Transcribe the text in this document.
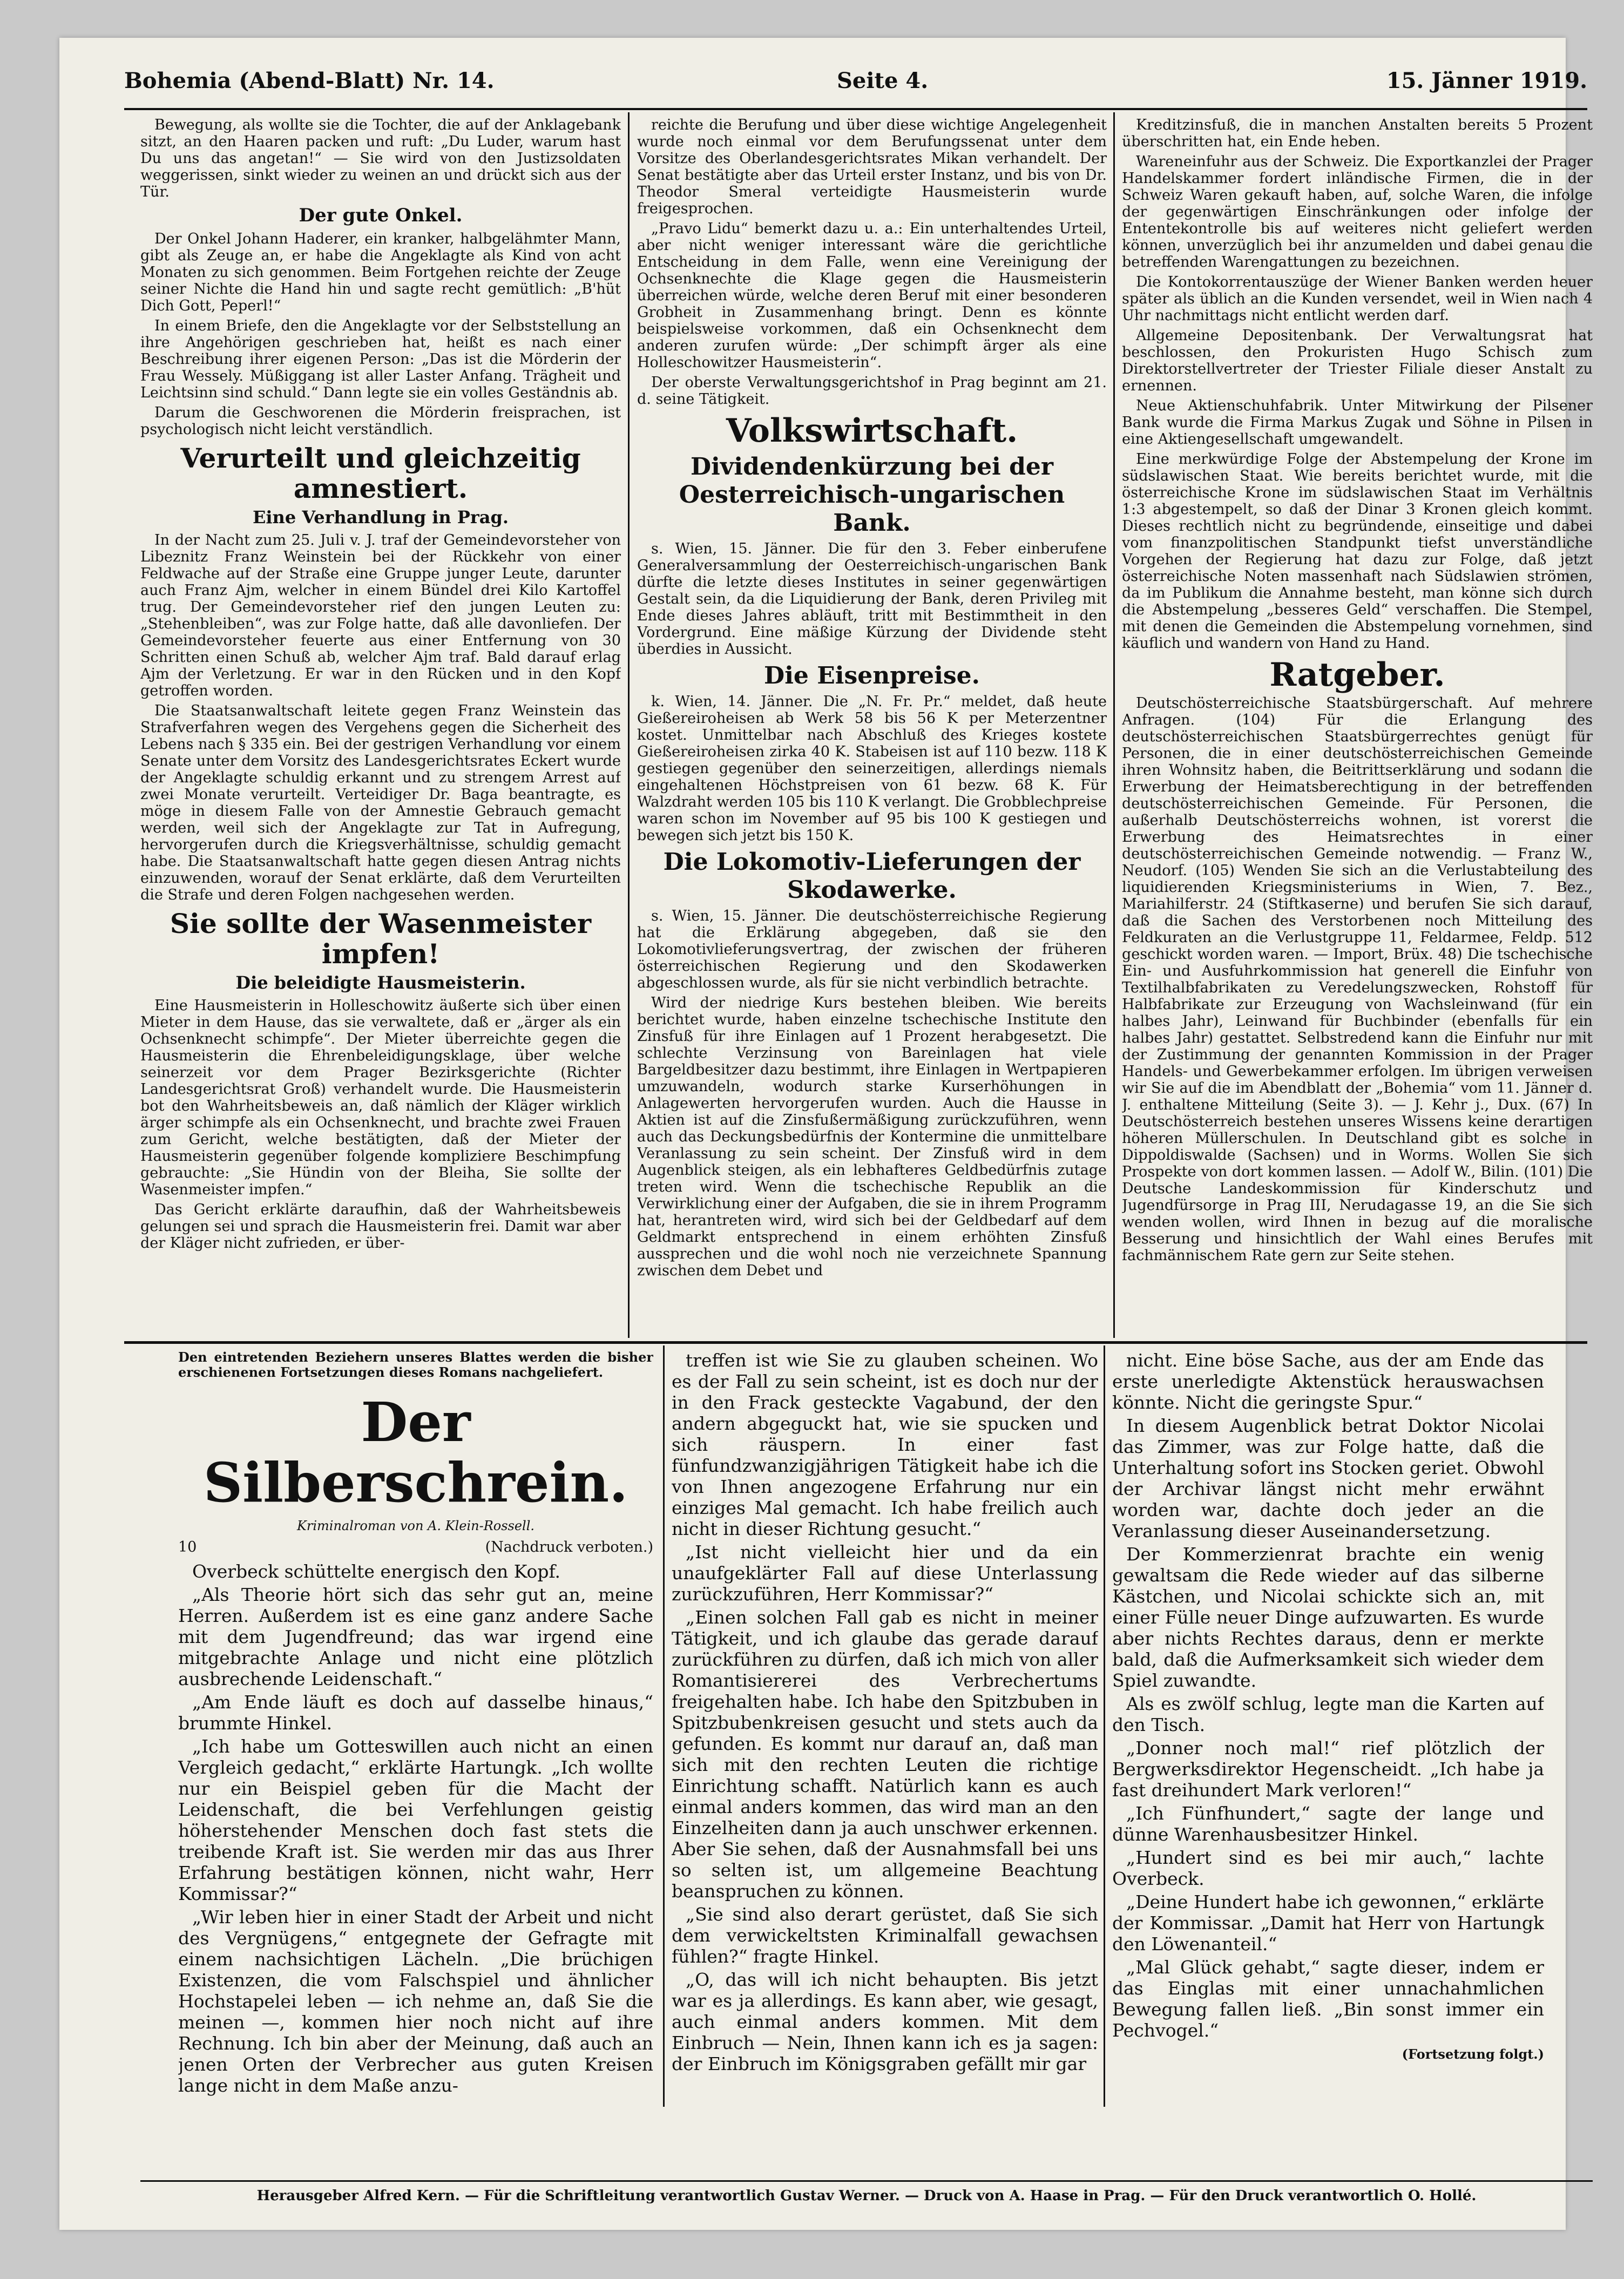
Bohemia (Abend-Blatt) Nr. 14.	Seite 4.	15. Jänner 1919.

Bewegung, als wollte sie die Tochter, die auf der Anklagebank sitzt, an den Haaren packen und ruft: „Du Luder, warum hast Du uns das angetan!“ — Sie wird von den Justizsoldaten weggerissen, sinkt wieder zu weinen an und drückt sich aus der Tür.

Der gute Onkel.

Der Onkel Johann Haderer, ein kranker, halbgelähmter Mann, gibt als Zeuge an, er habe die Angeklagte als Kind von acht Monaten zu sich genommen. Beim Fortgehen reichte der Zeuge seiner Nichte die Hand hin und sagte recht gemütlich: „B'hüt Dich Gott, Peperl!“

In einem Briefe, den die Angeklagte vor der Selbststellung an ihre Angehörigen geschrieben hat, heißt es nach einer Beschreibung ihrer eigenen Person: „Das ist die Mörderin der Frau Wessely. Müßiggang ist aller Laster Anfang. Trägheit und Leichtsinn sind schuld.“ Dann legte sie ein volles Geständnis ab.

Darum die Geschworenen die Mörderin freisprachen, ist psychologisch nicht leicht verständlich.

Verurteilt und gleichzeitig amnestiert.
Eine Verhandlung in Prag.

In der Nacht zum 25. Juli v. J. traf der Gemeindevorsteher von Libeznitz Franz Weinstein bei der Rückkehr von einer Feldwache auf der Straße eine Gruppe junger Leute, darunter auch Franz Ajm, welcher in einem Bündel drei Kilo Kartoffel trug. Der Gemeindevorsteher rief den jungen Leuten zu: „Stehenbleiben“, was zur Folge hatte, daß alle davonliefen. Der Gemeindevorsteher feuerte aus einer Entfernung von 30 Schritten einen Schuß ab, welcher Ajm traf. Bald darauf erlag Ajm der Verletzung. Er war in den Rücken und in den Kopf getroffen worden.

Die Staatsanwaltschaft leitete gegen Franz Weinstein das Strafverfahren wegen des Vergehens gegen die Sicherheit des Lebens nach § 335 ein. Bei der gestrigen Verhandlung vor einem Senate unter dem Vorsitz des Landesgerichtsrates Eckert wurde der Angeklagte schuldig erkannt und zu strengem Arrest auf zwei Monate verurteilt. Verteidiger Dr. Baga beantragte, es möge in diesem Falle von der Amnestie Gebrauch gemacht werden, weil sich der Angeklagte zur Tat in Aufregung, hervorgerufen durch die Kriegsverhältnisse, schuldig gemacht habe. Die Staatsanwaltschaft hatte gegen diesen Antrag nichts einzuwenden, worauf der Senat erklärte, daß dem Verurteilten die Strafe und deren Folgen nachgesehen werden.

Sie sollte der Wasenmeister impfen!
Die beleidigte Hausmeisterin.

Eine Hausmeisterin in Holleschowitz äußerte sich über einen Mieter in dem Hause, das sie verwaltete, daß er „ärger als ein Ochsenknecht schimpfe“. Der Mieter überreichte gegen die Hausmeisterin die Ehrenbeleidigungsklage, über welche seinerzeit vor dem Prager Bezirksgerichte (Richter Landesgerichtsrat Groß) verhandelt wurde. Die Hausmeisterin bot den Wahrheitsbeweis an, daß nämlich der Kläger wirklich ärger schimpfe als ein Ochsenknecht, und brachte zwei Frauen zum Gericht, welche bestätigten, daß der Mieter der Hausmeisterin gegenüber folgende kompliziere Beschimpfung gebrauchte: „Sie Hündin von der Bleiha, Sie sollte der Wasenmeister impfen.“

Das Gericht erklärte daraufhin, daß der Wahrheitsbeweis gelungen sei und sprach die Hausmeisterin frei. Damit war aber der Kläger nicht zufrieden, er über-

reichte die Berufung und über diese wichtige Angelegenheit wurde noch einmal vor dem Berufungssenat unter dem Vorsitze des Oberlandesgerichtsrates Mikan verhandelt. Der Senat bestätigte aber das Urteil erster Instanz, und bis von Dr. Theodor Smeral verteidigte Hausmeisterin wurde freigesprochen.

„Pravo Lidu“ bemerkt dazu u. a.: Ein unterhaltendes Urteil, aber nicht weniger interessant wäre die gerichtliche Entscheidung in dem Falle, wenn eine Vereinigung der Ochsenknechte die Klage gegen die Hausmeisterin überreichen würde, welche deren Beruf mit einer besonderen Grobheit in Zusammenhang bringt. Denn es könnte beispielsweise vorkommen, daß ein Ochsenknecht dem anderen zurufen würde: „Der schimpft ärger als eine Holleschowitzer Hausmeisterin“.

Der oberste Verwaltungsgerichtshof in Prag beginnt am 21. d. seine Tätigkeit.

Volkswirtschaft.
Dividendenkürzung bei der Oesterreichisch-ungarischen Bank.

s. Wien, 15. Jänner. Die für den 3. Feber einberufene Generalversammlung der Oesterreichisch-ungarischen Bank dürfte die letzte dieses Institutes in seiner gegenwärtigen Gestalt sein, da die Liquidierung der Bank, deren Privileg mit Ende dieses Jahres abläuft, tritt mit Bestimmtheit in den Vordergrund. Eine mäßige Kürzung der Dividende steht überdies in Aussicht.

Die Eisenpreise.

k. Wien, 14. Jänner. Die „N. Fr. Pr.“ meldet, daß heute Gießereiroheisen ab Werk 58 bis 56 K per Meterzentner kostet. Unmittelbar nach Abschluß des Krieges kostete Gießereiroheisen zirka 40 K. Stabeisen ist auf 110 bezw. 118 K gestiegen gegenüber den seinerzeitigen, allerdings niemals eingehaltenen Höchstpreisen von 61 bezw. 68 K. Für Walzdraht werden 105 bis 110 K verlangt. Die Grobblechpreise waren schon im November auf 95 bis 100 K gestiegen und bewegen sich jetzt bis 150 K.

Die Lokomotiv-Lieferungen der Skodawerke.

s. Wien, 15. Jänner. Die deutschösterreichische Regierung hat die Erklärung abgegeben, daß sie den Lokomotivlieferungsvertrag, der zwischen der früheren österreichischen Regierung und den Skodawerken abgeschlossen wurde, als für sie nicht verbindlich betrachte.

Wird der niedrige Kurs bestehen bleiben. Wie bereits berichtet wurde, haben einzelne tschechische Institute den Zinsfuß für ihre Einlagen auf 1 Prozent herabgesetzt. Die schlechte Verzinsung von Bareinlagen hat viele Bargeldbesitzer dazu bestimmt, ihre Einlagen in Wertpapieren umzuwandeln, wodurch starke Kurserhöhungen in Anlagewerten hervorgerufen wurden. Auch die Hausse in Aktien ist auf die Zinsfußermäßigung zurückzuführen, wenn auch das Deckungsbedürfnis der Kontermine die unmittelbare Veranlassung zu sein scheint. Der Zinsfuß wird in dem Augenblick steigen, als ein lebhafteres Geldbedürfnis zutage treten wird. Wenn die tschechische Republik an die Verwirklichung einer der Aufgaben, die sie in ihrem Programm hat, herantreten wird, wird sich bei der Geldbedarf auf dem Geldmarkt entsprechend in einem erhöhten Zinsfuß aussprechen und die wohl noch nie verzeichnete Spannung zwischen dem Debet und

Kreditzinsfuß, die in manchen Anstalten bereits 5 Prozent überschritten hat, ein Ende heben.

Wareneinfuhr aus der Schweiz. Die Exportkanzlei der Prager Handelskammer fordert inländische Firmen, die in der Schweiz Waren gekauft haben, auf, solche Waren, die infolge der gegenwärtigen Einschränkungen oder infolge der Ententekontrolle bis auf weiteres nicht geliefert werden können, unverzüglich bei ihr anzumelden und dabei genau die betreffenden Warengattungen zu bezeichnen.

Die Kontokorrentauszüge der Wiener Banken werden heuer später als üblich an die Kunden versendet, weil in Wien nach 4 Uhr nachmittags nicht entlicht werden darf.

Allgemeine Depositenbank. Der Verwaltungsrat hat beschlossen, den Prokuristen Hugo Schisch zum Direktorstellvertreter der Triester Filiale dieser Anstalt zu ernennen.

Neue Aktienschuhfabrik. Unter Mitwirkung der Pilsener Bank wurde die Firma Markus Zugak und Söhne in Pilsen in eine Aktiengesellschaft umgewandelt.

Eine merkwürdige Folge der Abstempelung der Krone im südslawischen Staat. Wie bereits berichtet wurde, mit die österreichische Krone im südslawischen Staat im Verhältnis 1:3 abgestempelt, so daß der Dinar 3 Kronen gleich kommt. Dieses rechtlich nicht zu begründende, einseitige und dabei vom finanzpolitischen Standpunkt tiefst unverständliche Vorgehen der Regierung hat dazu zur Folge, daß jetzt österreichische Noten massenhaft nach Südslawien strömen, da im Publikum die Annahme besteht, man könne sich durch die Abstempelung „besseres Geld“ verschaffen. Die Stempel, mit denen die Gemeinden die Abstempelung vornehmen, sind käuflich und wandern von Hand zu Hand.

Ratgeber.

Deutschösterreichische Staatsbürgerschaft. Auf mehrere Anfragen. (104) Für die Erlangung des deutschösterreichischen Staatsbürgerrechtes genügt für Personen, die in einer deutschösterreichischen Gemeinde ihren Wohnsitz haben, die Beitrittserklärung und sodann die Erwerbung der Heimatsberechtigung in der betreffenden deutschösterreichischen Gemeinde. Für Personen, die außerhalb Deutschösterreichs wohnen, ist vorerst die Erwerbung des Heimatsrechtes in einer deutschösterreichischen Gemeinde notwendig. — Franz W., Neudorf. (105) Wenden Sie sich an die Verlustabteilung des liquidierenden Kriegsministeriums in Wien, 7. Bez., Mariahilferstr. 24 (Stiftkaserne) und berufen Sie sich darauf, daß die Sachen des Verstorbenen noch Mitteilung des Feldkuraten an die Verlustgruppe 11, Feldarmee, Feldp. 512 geschickt worden waren. — Import, Brüx. 48) Die tschechische Ein- und Ausfuhrkommission hat generell die Einfuhr von Textilhalbfabrikaten zu Veredelungszwecken, Rohstoff für Halbfabrikate zur Erzeugung von Wachsleinwand (für ein halbes Jahr), Leinwand für Buchbinder (ebenfalls für ein halbes Jahr) gestattet. Selbstredend kann die Einfuhr nur mit der Zustimmung der genannten Kommission in der Prager Handels- und Gewerbekammer erfolgen. Im übrigen verweisen wir Sie auf die im Abendblatt der „Bohemia“ vom 11. Jänner d. J. enthaltene Mitteilung (Seite 3). — J. Kehr j., Dux. (67) In Deutschösterreich bestehen unseres Wissens keine derartigen höheren Müllerschulen. In Deutschland gibt es solche in Dippoldiswalde (Sachsen) und in Worms. Wollen Sie sich Prospekte von dort kommen lassen. — Adolf W., Bilin. (101) Die Deutsche Landeskommission für Kinderschutz und Jugendfürsorge in Prag III, Nerudagasse 19, an die Sie sich wenden wollen, wird Ihnen in bezug auf die moralische Besserung und hinsichtlich der Wahl eines Berufes mit fachmännischem Rate gern zur Seite stehen.

Den eintretenden Beziehern unseres Blattes werden die bisher erschienenen Fortsetzungen dieses Romans nachgeliefert.
Der Silberschrein.
Kriminalroman von A. Klein-Rossell.
10	(Nachdruck verboten.)

Overbeck schüttelte energisch den Kopf.

„Als Theorie hört sich das sehr gut an, meine Herren. Außerdem ist es eine ganz andere Sache mit dem Jugendfreund; das war irgend eine mitgebrachte Anlage und nicht eine plötzlich ausbrechende Leidenschaft.“

„Am Ende läuft es doch auf dasselbe hinaus,“ brummte Hinkel.

„Ich habe um Gotteswillen auch nicht an einen Vergleich gedacht,“ erklärte Hartungk. „Ich wollte nur ein Beispiel geben für die Macht der Leidenschaft, die bei Verfehlungen geistig höherstehender Menschen doch fast stets die treibende Kraft ist. Sie werden mir das aus Ihrer Erfahrung bestätigen können, nicht wahr, Herr Kommissar?“

„Wir leben hier in einer Stadt der Arbeit und nicht des Vergnügens,“ entgegnete der Gefragte mit einem nachsichtigen Lächeln. „Die brüchigen Existenzen, die vom Falschspiel und ähnlicher Hochstapelei leben — ich nehme an, daß Sie die meinen —, kommen hier noch nicht auf ihre Rechnung. Ich bin aber der Meinung, daß auch an jenen Orten der Verbrecher aus guten Kreisen lange nicht in dem Maße anzu-

treffen ist wie Sie zu glauben scheinen. Wo es der Fall zu sein scheint, ist es doch nur der in den Frack gesteckte Vagabund, der den andern abgeguckt hat, wie sie spucken und sich räuspern. In einer fast fünfundzwanzigjährigen Tätigkeit habe ich die von Ihnen angezogene Erfahrung nur ein einziges Mal gemacht. Ich habe freilich auch nicht in dieser Richtung gesucht.“

„Ist nicht vielleicht hier und da ein unaufgeklärter Fall auf diese Unterlassung zurückzuführen, Herr Kommissar?“

„Einen solchen Fall gab es nicht in meiner Tätigkeit, und ich glaube das gerade darauf zurückführen zu dürfen, daß ich mich von aller Romantisiererei des Verbrechertums freigehalten habe. Ich habe den Spitzbuben in Spitzbubenkreisen gesucht und stets auch da gefunden. Es kommt nur darauf an, daß man sich mit den rechten Leuten die richtige Einrichtung schafft. Natürlich kann es auch einmal anders kommen, das wird man an den Einzelheiten dann ja auch unschwer erkennen. Aber Sie sehen, daß der Ausnahmsfall bei uns so selten ist, um allgemeine Beachtung beanspruchen zu können.

„Sie sind also derart gerüstet, daß Sie sich dem verwickeltsten Kriminalfall gewachsen fühlen?“ fragte Hinkel.

„O, das will ich nicht behaupten. Bis jetzt war es ja allerdings. Es kann aber, wie gesagt, auch einmal anders kommen. Mit dem Einbruch — Nein, Ihnen kann ich es ja sagen: der Einbruch im Königsgraben gefällt mir gar

nicht. Eine böse Sache, aus der am Ende das erste unerledigte Aktenstück herauswachsen könnte. Nicht die geringste Spur.“

In diesem Augenblick betrat Doktor Nicolai das Zimmer, was zur Folge hatte, daß die Unterhaltung sofort ins Stocken geriet. Obwohl der Archivar längst nicht mehr erwähnt worden war, dachte doch jeder an die Veranlassung dieser Auseinandersetzung.

Der Kommerzienrat brachte ein wenig gewaltsam die Rede wieder auf das silberne Kästchen, und Nicolai schickte sich an, mit einer Fülle neuer Dinge aufzuwarten. Es wurde aber nichts Rechtes daraus, denn er merkte bald, daß die Aufmerksamkeit sich wieder dem Spiel zuwandte.

Als es zwölf schlug, legte man die Karten auf den Tisch.

„Donner noch mal!“ rief plötzlich der Bergwerksdirektor Hegenscheidt. „Ich habe ja fast dreihundert Mark verloren!“

„Ich Fünfhundert,“ sagte der lange und dünne Warenhausbesitzer Hinkel.

„Hundert sind es bei mir auch,“ lachte Overbeck.

„Deine Hundert habe ich gewonnen,“ erklärte der Kommissar. „Damit hat Herr von Hartungk den Löwenanteil.“

„Mal Glück gehabt,“ sagte dieser, indem er das Einglas mit einer unnachahmlichen Bewegung fallen ließ. „Bin sonst immer ein Pechvogel.“

(Fortsetzung folgt.)
Herausgeber Alfred Kern. — Für die Schriftleitung verantwortlich Gustav Werner. — Druck von A. Haase in Prag. — Für den Druck verantwortlich O. Hollé.
